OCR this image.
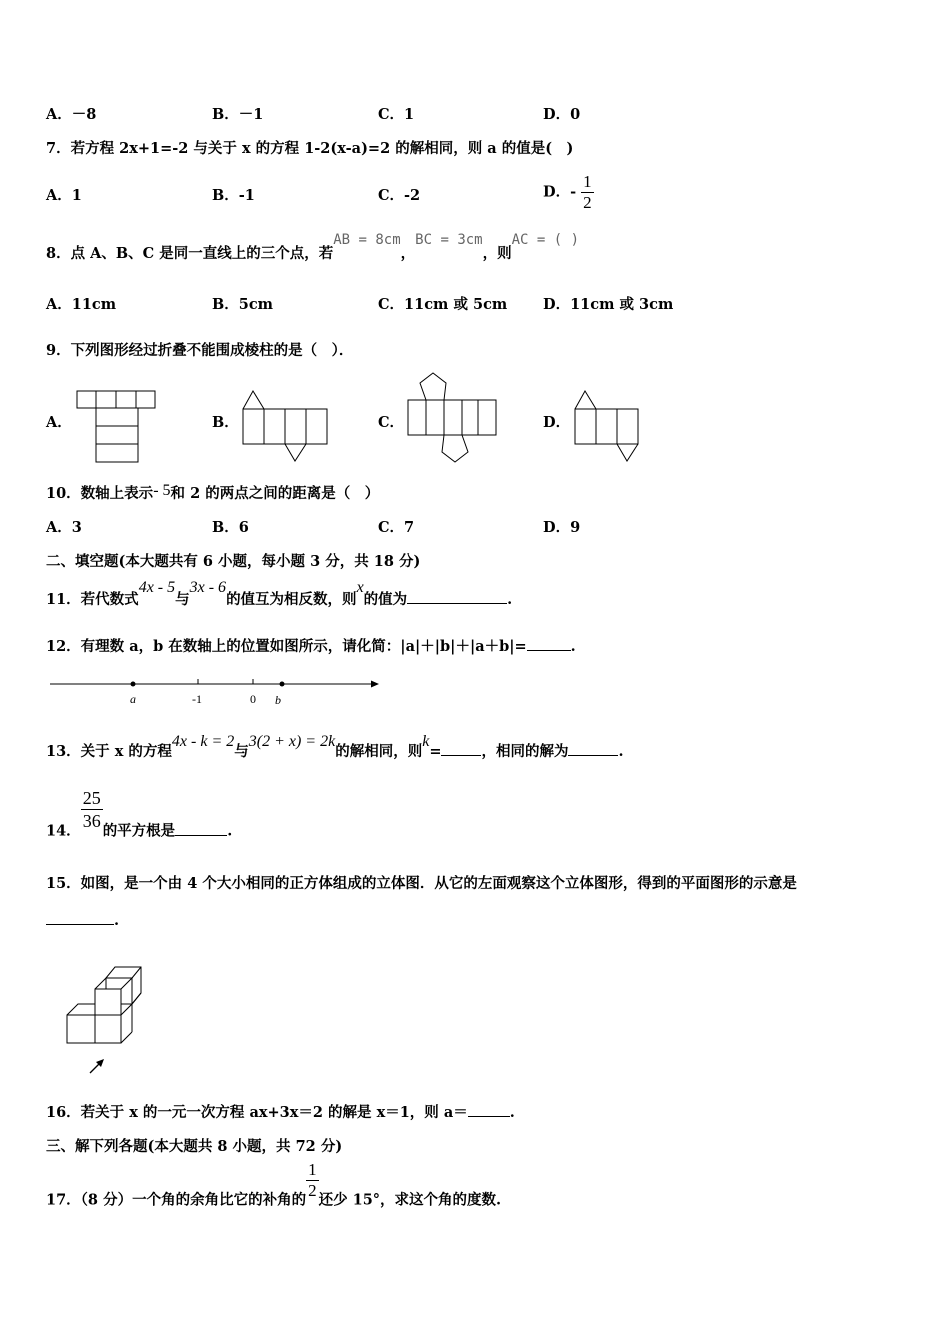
A．－8	B．－1	C．1	D．0
7．若方程 2x+1=-2 与关于 x 的方程 1-2(x-a)=2 的解相同，则 a 的值是(　)
A．1	B．-1	C．-2	D．- $\frac{1}{2}$
8．点 A、B、C 是同一直线上的三个点，若AB = 8cm，BC = 3cm，则AC = ( )
A．11cm	B．5cm	C．11cm 或 5cm D．11cm 或 3cm
9．下列图形经过折叠不能围成棱柱的是（　）．
A．	B．	C．	D．
10．数轴上表示- 5和 2 的两点之间的距离是（　）
A．3	B．6	C．7	D．9
二、填空题(本大题共有 6 小题，每小题 3 分，共 18 分)
11．若代数式4x - 5与3x - 6的值互为相反数，则x的值为	.
12．有理数 a，b 在数轴上的位置如图所示，请化简：|a|＋|b|＋|a＋b|=	.
a	-1	0 b
13．关于 x 的方程4x - k = 2与3(2 + x) = 2k的解相同，则k=	，相同的解为	.
14． $\frac{25}{36}$ 的平方根是	.
15．如图，是一个由 4 个大小相同的正方体组成的立体图．从它的左面观察这个立体图形，得到的平面图形的示意是
.
16．若关于 x 的一元一次方程 ax+3x＝2 的解是 x＝1，则 a＝	.
三、解下列各题(本大题共 8 小题，共 72 分)
17．（8 分）一个角的余角比它的补角的 $\frac{1}{2}$ 还少 15°，求这个角的度数.
